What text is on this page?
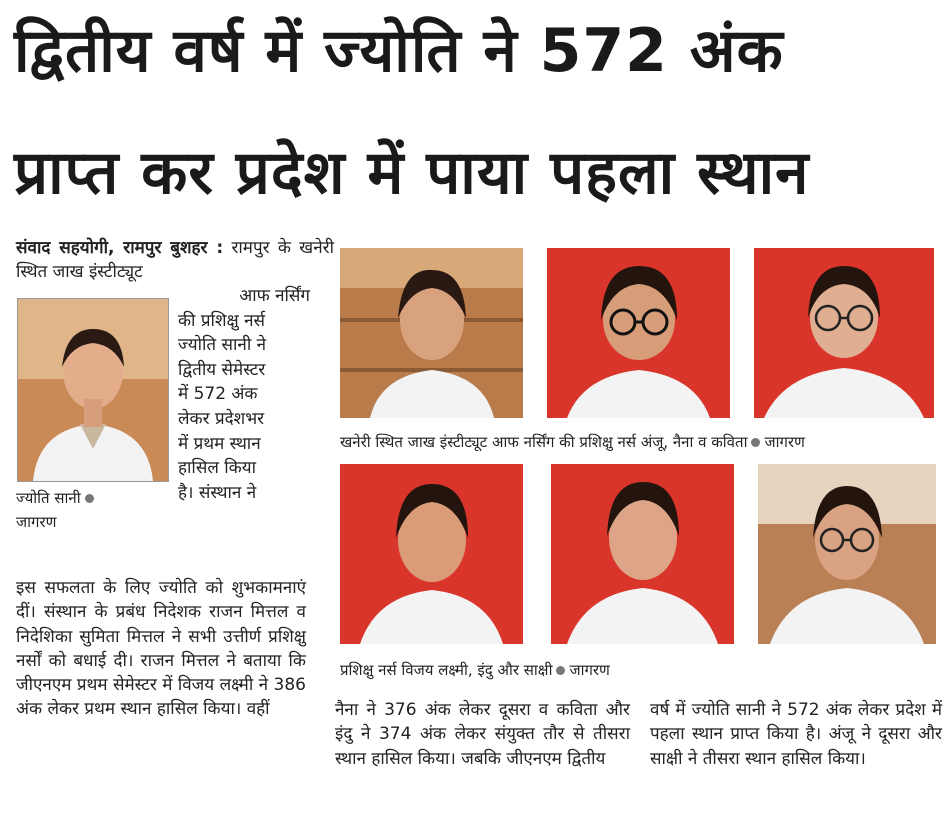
द्वितीय वर्ष में ज्योति ने 572 अंक
प्राप्त कर प्रदेश में पाया पहला स्थान
संवाद सहयोगी, रामपुर बुशहर : रामपुर के खनेरी स्थित जाख इंस्टीट्यूट
आफ नर्सिंग
की प्रशिक्षु नर्स
ज्योति सानी ने
द्वितीय सेमेस्टर
में 572 अंक
लेकर प्रदेशभर
में प्रथम स्थान
हासिल किया
है। संस्थान ने
ज्योति सानी
जागरण
इस सफलता के लिए ज्योति को शुभकामनाएं दीं। संस्थान के प्रबंध निदेशक राजन मित्तल व निदेशिका सुमिता मित्तल ने सभी उत्तीर्ण प्रशिक्षु नर्सों को बधाई दी। राजन मित्तल ने बताया कि जीएनएम प्रथम सेमेस्टर में विजय लक्ष्मी ने 386 अंक लेकर प्रथम स्थान हासिल किया। वहीं
खनेरी स्थित जाख इंस्टीट्यूट आफ नर्सिंग की प्रशिक्षु नर्स अंजू, नैना व कविता जागरण
प्रशिक्षु नर्स विजय लक्ष्मी, इंदु और साक्षी जागरण
नैना ने 376 अंक लेकर दूसरा व कविता और इंदु ने 374 अंक लेकर संयुक्त तौर से तीसरा स्थान हासिल किया। जबकि जीएनएम द्वितीय
वर्ष में ज्योति सानी ने 572 अंक लेकर प्रदेश में पहला स्थान प्राप्त किया है। अंजू ने दूसरा और साक्षी ने तीसरा स्थान हासिल किया।
